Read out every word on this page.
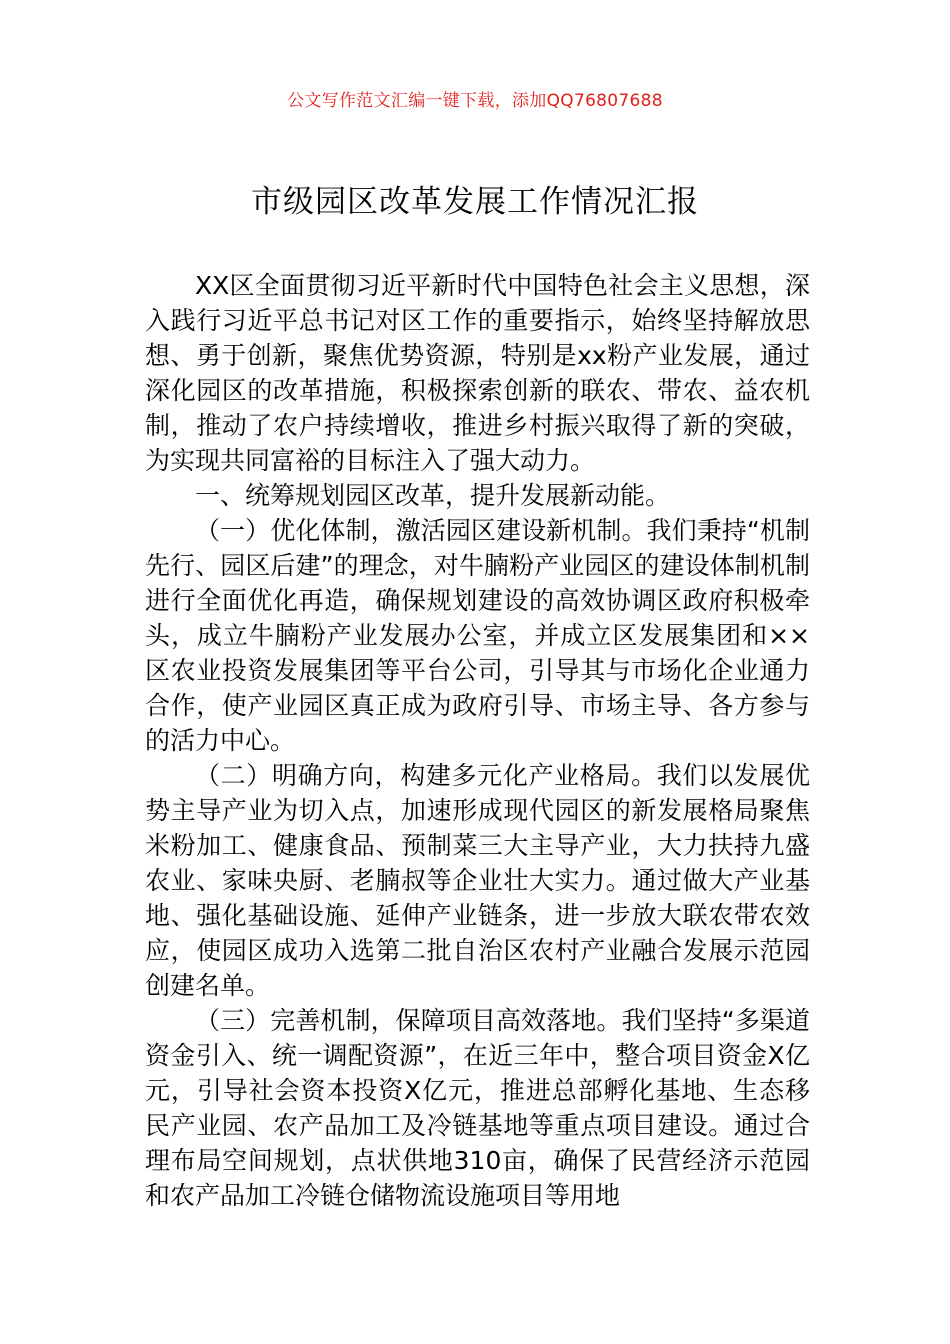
公文写作范文汇编一键下载，添加QQ76807688
市级园区改革发展工作情况汇报

XX区全面贯彻习近平新时代中国特色社会主义思想，深入践行习近平总书记对区工作的重要指示，始终坚持解放思想、勇于创新，聚焦优势资源，特别是xx粉产业发展，通过深化园区的改革措施，积极探索创新的联农、带农、益农机制，推动了农户持续增收，推进乡村振兴取得了新的突破，为实现共同富裕的目标注入了强大动力。

一、统筹规划园区改革，提升发展新动能。

（一）优化体制，激活园区建设新机制。我们秉持“机制先行、园区后建”的理念，对牛腩粉产业园区的建设体制机制进行全面优化再造，确保规划建设的高效协调区政府积极牵头，成立牛腩粉产业发展办公室，并成立区发展集团和××区农业投资发展集团等平台公司，引导其与市场化企业通力合作，使产业园区真正成为政府引导、市场主导、各方参与的活力中心。

（二）明确方向，构建多元化产业格局。我们以发展优势主导产业为切入点，加速形成现代园区的新发展格局聚焦米粉加工、健康食品、预制菜三大主导产业，大力扶持九盛农业、家味央厨、老腩叔等企业壮大实力。通过做大产业基地、强化基础设施、延伸产业链条，进一步放大联农带农效应，使园区成功入选第二批自治区农村产业融合发展示范园创建名单。

（三）完善机制，保障项目高效落地。我们坚持“多渠道资金引入、统一调配资源”，在近三年中，整合项目资金X亿元，引导社会资本投资X亿元，推进总部孵化基地、生态移民产业园、农产品加工及冷链基地等重点项目建设。通过合理布局空间规划，点状供地310亩，确保了民营经济示范园和农产品加工冷链仓储物流设施项目等用地
